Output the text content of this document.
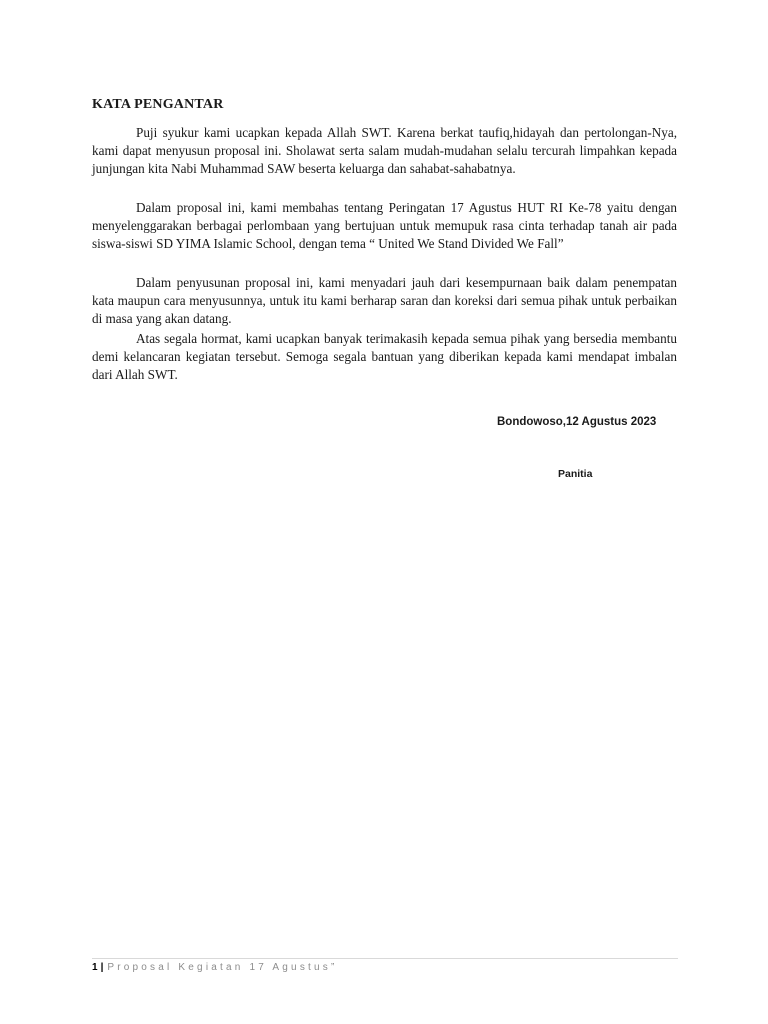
KATA PENGANTAR

Puji syukur kami ucapkan kepada Allah SWT. Karena berkat taufiq,hidayah dan pertolongan-Nya, kami dapat menyusun proposal ini. Sholawat serta salam mudah-mudahan selalu tercurah limpahkan kepada junjungan kita Nabi Muhammad SAW beserta keluarga dan sahabat-sahabatnya.

Dalam proposal ini, kami membahas tentang Peringatan 17 Agustus HUT RI Ke-78 yaitu dengan menyelenggarakan berbagai perlombaan yang bertujuan untuk memupuk rasa cinta terhadap tanah air pada siswa-siswi SD YIMA Islamic School, dengan tema “ United We Stand Divided We Fall”

Dalam penyusunan proposal ini, kami menyadari jauh dari kesempurnaan baik dalam penempatan kata maupun cara menyusunnya, untuk itu kami berharap saran dan koreksi dari semua pihak untuk perbaikan di masa yang akan datang.

Atas segala hormat, kami ucapkan banyak terimakasih kepada semua pihak yang bersedia membantu demi kelancaran kegiatan tersebut. Semoga segala bantuan yang diberikan kepada kami mendapat imbalan dari Allah SWT.

Bondowoso,12 Agustus 2023
Panitia
1 | Proposal Kegiatan 17 Agustus”
